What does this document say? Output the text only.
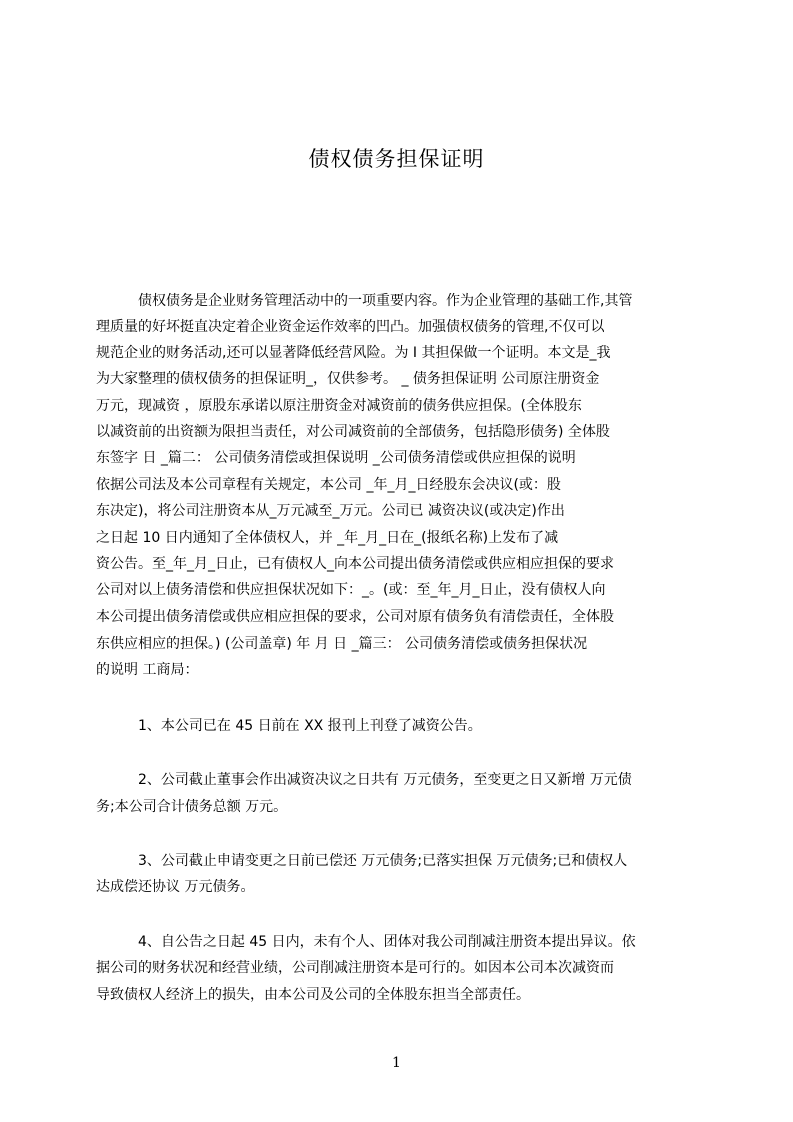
债权债务担保证明
债权债务是企业财务管理活动中的一项重要内容。作为企业管理的基础工作,其管
理质量的好坏挺直决定着企业资金运作效率的凹凸。加强债权债务的管理,不仅可以
规范企业的财务活动,还可以显著降低经营风险。为 I 其担保做一个证明。本文是_我
为大家整理的债权债务的担保证明_，仅供参考。 _ 债务担保证明 公司原注册资金
万元，现减资 ，原股东承诺以原注册资金对减资前的债务供应担保。(全体股东
以减资前的出资额为限担当责任，对公司减资前的全部债务，包括隐形债务) 全体股
东签字 日 _篇二： 公司债务清偿或担保说明 _公司债务清偿或供应担保的说明
依据公司法及本公司章程有关规定，本公司 _年_月_日经股东会决议(或：股
东决定)，将公司注册资本从_万元减至_万元。公司已 减资决议(或决定)作出
之日起 10 日内通知了全体债权人，并 _年_月_日在_(报纸名称)上发布了减
资公告。至_年_月_日止，已有债权人_向本公司提出债务清偿或供应相应担保的要求
公司对以上债务清偿和供应担保状况如下：_。(或：至_年_月_日止，没有债权人向
本公司提出债务清偿或供应相应担保的要求，公司对原有债务负有清偿责任，全体股
东供应相应的担保。) (公司盖章) 年 月 日 _篇三： 公司债务清偿或债务担保状况
的说明 工商局：
1、本公司已在 45 日前在 XX 报刊上刊登了减资公告。
2、公司截止董事会作出减资决议之日共有 万元债务，至变更之日又新增 万元债
务;本公司合计债务总额 万元。
3、公司截止申请变更之日前已偿还 万元债务;已落实担保 万元债务;已和债权人
达成偿还协议 万元债务。
4、自公告之日起 45 日内，未有个人、团体对我公司削减注册资本提出异议。依
据公司的财务状况和经营业绩，公司削减注册资本是可行的。如因本公司本次减资而
导致债权人经济上的损失，由本公司及公司的全体股东担当全部责任。
1
